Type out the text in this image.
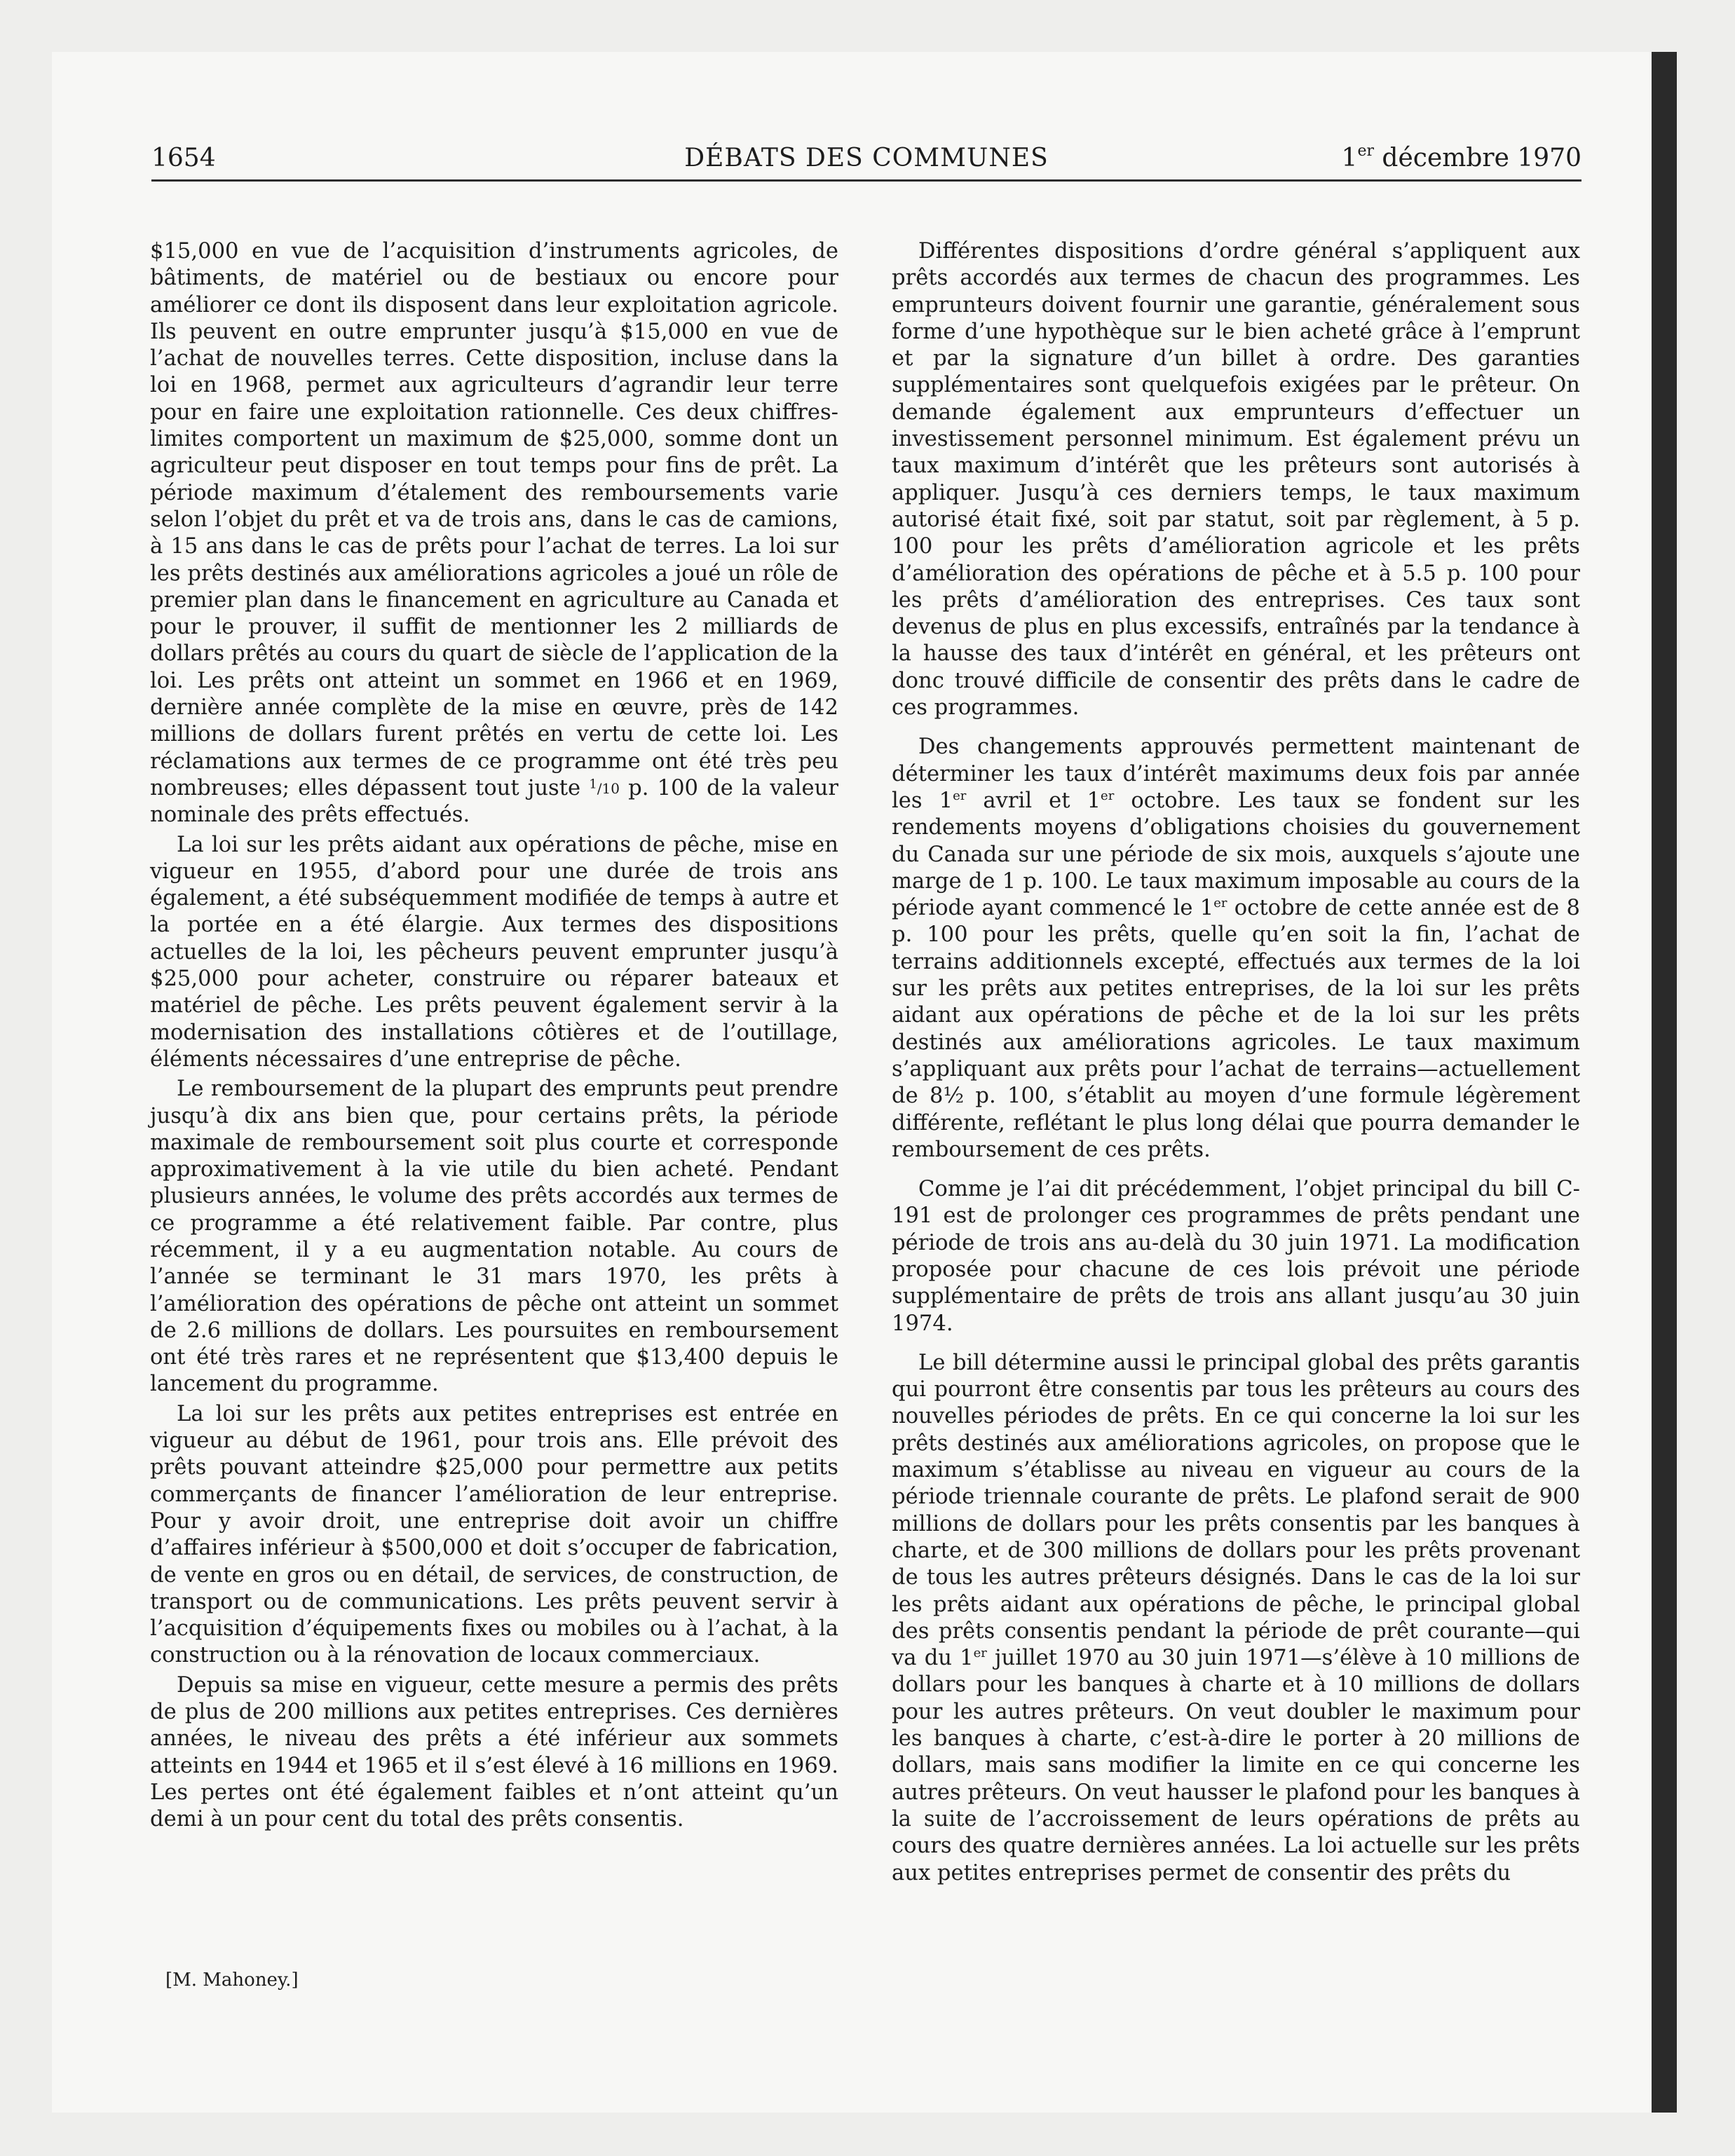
1654	DÉBATS DES COMMUNES	1er décembre 1970

$15,000 en vue de l’acquisition d’instruments agricoles, de bâtiments, de matériel ou de bestiaux ou encore pour améliorer ce dont ils disposent dans leur exploitation agricole. Ils peuvent en outre emprunter jusqu’à $15,000 en vue de l’achat de nouvelles terres. Cette disposition, incluse dans la loi en 1968, permet aux agriculteurs d’agrandir leur terre pour en faire une exploitation rationnelle. Ces deux chiffres-limites comportent un maximum de $25,000, somme dont un agriculteur peut disposer en tout temps pour fins de prêt. La période maximum d’étalement des remboursements varie selon l’objet du prêt et va de trois ans, dans le cas de camions, à 15 ans dans le cas de prêts pour l’achat de terres. La loi sur les prêts destinés aux améliorations agricoles a joué un rôle de premier plan dans le financement en agriculture au Canada et pour le prouver, il suffit de mentionner les 2 milliards de dollars prêtés au cours du quart de siècle de l’application de la loi. Les prêts ont atteint un sommet en 1966 et en 1969, dernière année complète de la mise en œuvre, près de 142 millions de dollars furent prêtés en vertu de cette loi. Les réclamations aux termes de ce programme ont été très peu nombreuses; elles dépassent tout juste $^1$/10 p. 100 de la valeur nominale des prêts effectués.

La loi sur les prêts aidant aux opérations de pêche, mise en vigueur en 1955, d’abord pour une durée de trois ans également, a été subséquemment modifiée de temps à autre et la portée en a été élargie. Aux termes des dispositions actuelles de la loi, les pêcheurs peuvent emprunter jusqu’à $25,000 pour acheter, construire ou réparer bateaux et matériel de pêche. Les prêts peuvent également servir à la modernisation des installations côtières et de l’outillage, éléments nécessaires d’une entreprise de pêche.

Le remboursement de la plupart des emprunts peut prendre jusqu’à dix ans bien que, pour certains prêts, la période maximale de remboursement soit plus courte et corresponde approximativement à la vie utile du bien acheté. Pendant plusieurs années, le volume des prêts accordés aux termes de ce programme a été relativement faible. Par contre, plus récemment, il y a eu augmentation notable. Au cours de l’année se terminant le 31 mars 1970, les prêts à l’amélioration des opérations de pêche ont atteint un sommet de 2.6 millions de dollars. Les poursuites en remboursement ont été très rares et ne représentent que $13,400 depuis le lancement du programme.

La loi sur les prêts aux petites entreprises est entrée en vigueur au début de 1961, pour trois ans. Elle prévoit des prêts pouvant atteindre $25,000 pour permettre aux petits commerçants de financer l’amélioration de leur entreprise. Pour y avoir droit, une entreprise doit avoir un chiffre d’affaires inférieur à $500,000 et doit s’occuper de fabrication, de vente en gros ou en détail, de services, de construction, de transport ou de communications. Les prêts peuvent servir à l’acquisition d’équipements fixes ou mobiles ou à l’achat, à la construction ou à la rénovation de locaux commerciaux.

Depuis sa mise en vigueur, cette mesure a permis des prêts de plus de 200 millions aux petites entreprises. Ces dernières années, le niveau des prêts a été inférieur aux sommets atteints en 1944 et 1965 et il s’est élevé à 16 millions en 1969. Les pertes ont été également faibles et n’ont atteint qu’un demi à un pour cent du total des prêts consentis.

[M. Mahoney.]

Différentes dispositions d’ordre général s’appliquent aux prêts accordés aux termes de chacun des programmes. Les emprunteurs doivent fournir une garantie, généralement sous forme d’une hypothèque sur le bien acheté grâce à l’emprunt et par la signature d’un billet à ordre. Des garanties supplémentaires sont quelquefois exigées par le prêteur. On demande également aux emprunteurs d’effectuer un investissement personnel minimum. Est également prévu un taux maximum d’intérêt que les prêteurs sont autorisés à appliquer. Jusqu’à ces derniers temps, le taux maximum autorisé était fixé, soit par statut, soit par règlement, à 5 p. 100 pour les prêts d’amélioration agricole et les prêts d’amélioration des opérations de pêche et à 5.5 p. 100 pour les prêts d’amélioration des entreprises. Ces taux sont devenus de plus en plus excessifs, entraînés par la tendance à la hausse des taux d’intérêt en général, et les prêteurs ont donc trouvé difficile de consentir des prêts dans le cadre de ces programmes.

Des changements approuvés permettent maintenant de déterminer les taux d’intérêt maximums deux fois par année les 1er avril et 1er octobre. Les taux se fondent sur les rendements moyens d’obligations choisies du gouvernement du Canada sur une période de six mois, auxquels s’ajoute une marge de 1 p. 100. Le taux maximum imposable au cours de la période ayant commencé le 1er octobre de cette année est de 8 p. 100 pour les prêts, quelle qu’en soit la fin, l’achat de terrains additionnels excepté, effectués aux termes de la loi sur les prêts aux petites entreprises, de la loi sur les prêts aidant aux opérations de pêche et de la loi sur les prêts destinés aux améliorations agricoles. Le taux maximum s’appliquant aux prêts pour l’achat de terrains—actuellement de 8½ p. 100, s’établit au moyen d’une formule légèrement différente, reflétant le plus long délai que pourra demander le remboursement de ces prêts.

Comme je l’ai dit précédemment, l’objet principal du bill C-191 est de prolonger ces programmes de prêts pendant une période de trois ans au-delà du 30 juin 1971. La modification proposée pour chacune de ces lois prévoit une période supplémentaire de prêts de trois ans allant jusqu’au 30 juin 1974.

Le bill détermine aussi le principal global des prêts garantis qui pourront être consentis par tous les prêteurs au cours des nouvelles périodes de prêts. En ce qui concerne la loi sur les prêts destinés aux améliorations agricoles, on propose que le maximum s’établisse au niveau en vigueur au cours de la période triennale courante de prêts. Le plafond serait de 900 millions de dollars pour les prêts consentis par les banques à charte, et de 300 millions de dollars pour les prêts provenant de tous les autres prêteurs désignés. Dans le cas de la loi sur les prêts aidant aux opérations de pêche, le principal global des prêts consentis pendant la période de prêt courante—qui va du 1er juillet 1970 au 30 juin 1971—s’élève à 10 millions de dollars pour les banques à charte et à 10 millions de dollars pour les autres prêteurs. On veut doubler le maximum pour les banques à charte, c’est-à-dire le porter à 20 millions de dollars, mais sans modifier la limite en ce qui concerne les autres prêteurs. On veut hausser le plafond pour les banques à la suite de l’accroissement de leurs opérations de prêts au cours des quatre dernières années. La loi actuelle sur les prêts aux petites entreprises permet de consentir des prêts du
